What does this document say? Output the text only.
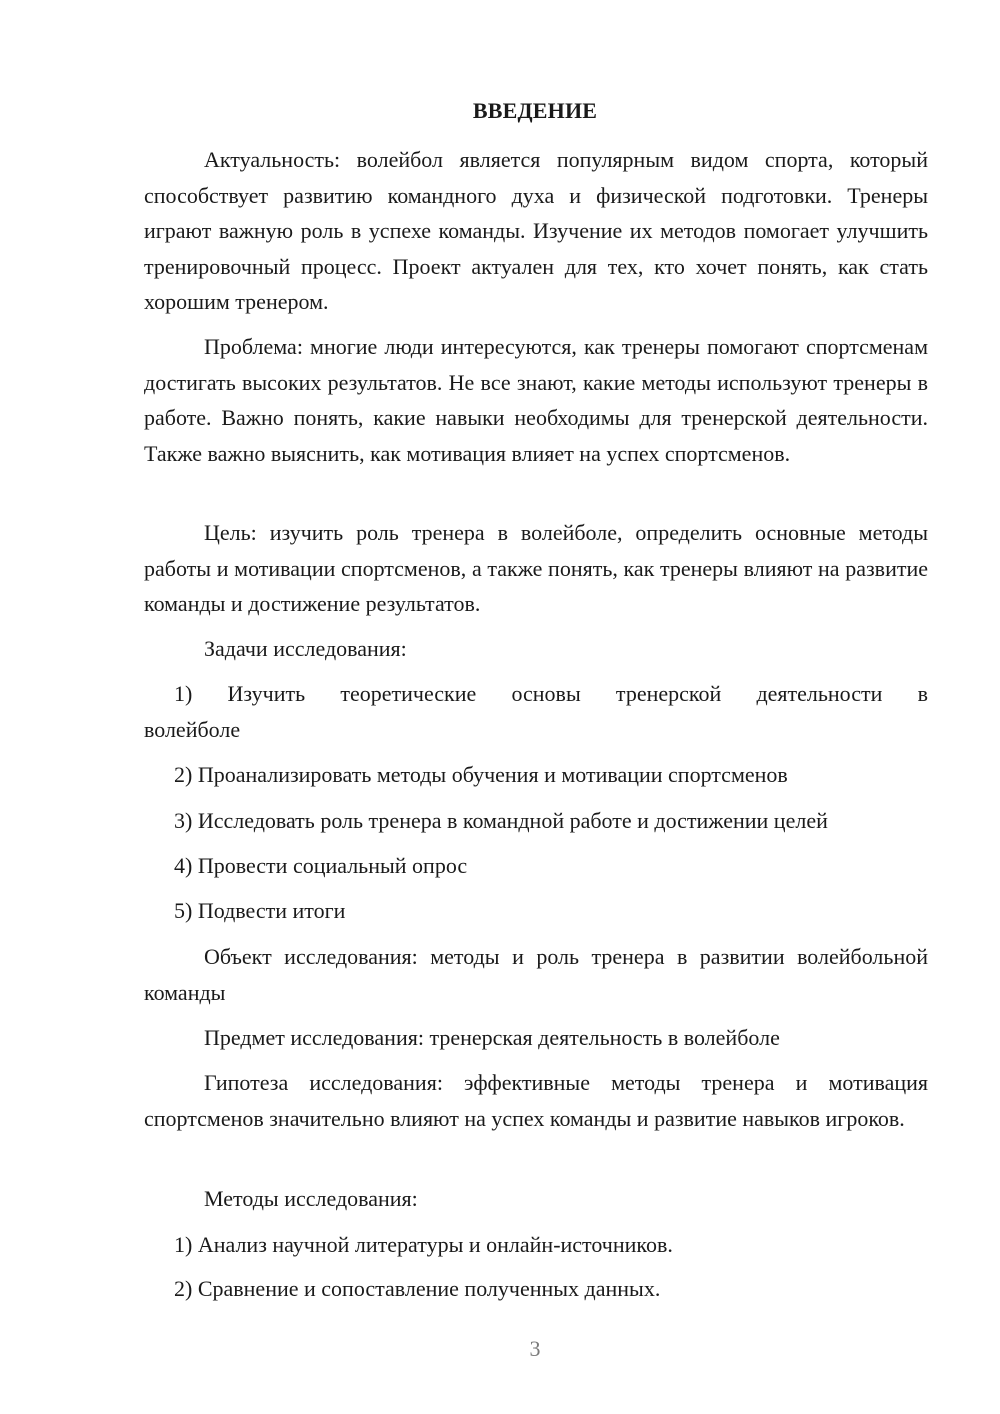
ВВЕДЕНИЕ

Актуальность: волейбол является популярным видом спорта, который способствует развитию командного духа и физической подготовки. Тренеры играют важную роль в успехе команды. Изучение их методов помогает улучшить тренировочный процесс. Проект актуален для тех, кто хочет понять, как стать хорошим тренером.

Проблема: многие люди интересуются, как тренеры помогают спортсменам достигать высоких результатов. Не все знают, какие методы используют тренеры в работе. Важно понять, какие навыки необходимы для тренерской деятельности. Также важно выяснить, как мотивация влияет на успех спортсменов.

Цель: изучить роль тренера в волейболе, определить основные методы работы и мотивации спортсменов, а также понять, как тренеры влияют на развитие команды и достижение результатов.

Задачи исследования:

1) Изучить теоретические основы тренерской деятельности в
волейболе

2) Проанализировать методы обучения и мотивации спортсменов

3) Исследовать роль тренера в командной работе и достижении целей

4) Провести социальный опрос

5) Подвести итоги

Объект исследования: методы и роль тренера в развитии волейбольной команды

Предмет исследования: тренерская деятельность в волейболе

Гипотеза исследования: эффективные методы тренера и мотивация спортсменов значительно влияют на успех команды и развитие навыков игроков.

Методы исследования:

1) Анализ научной литературы и онлайн-источников.

2) Сравнение и сопоставление полученных данных.

3
